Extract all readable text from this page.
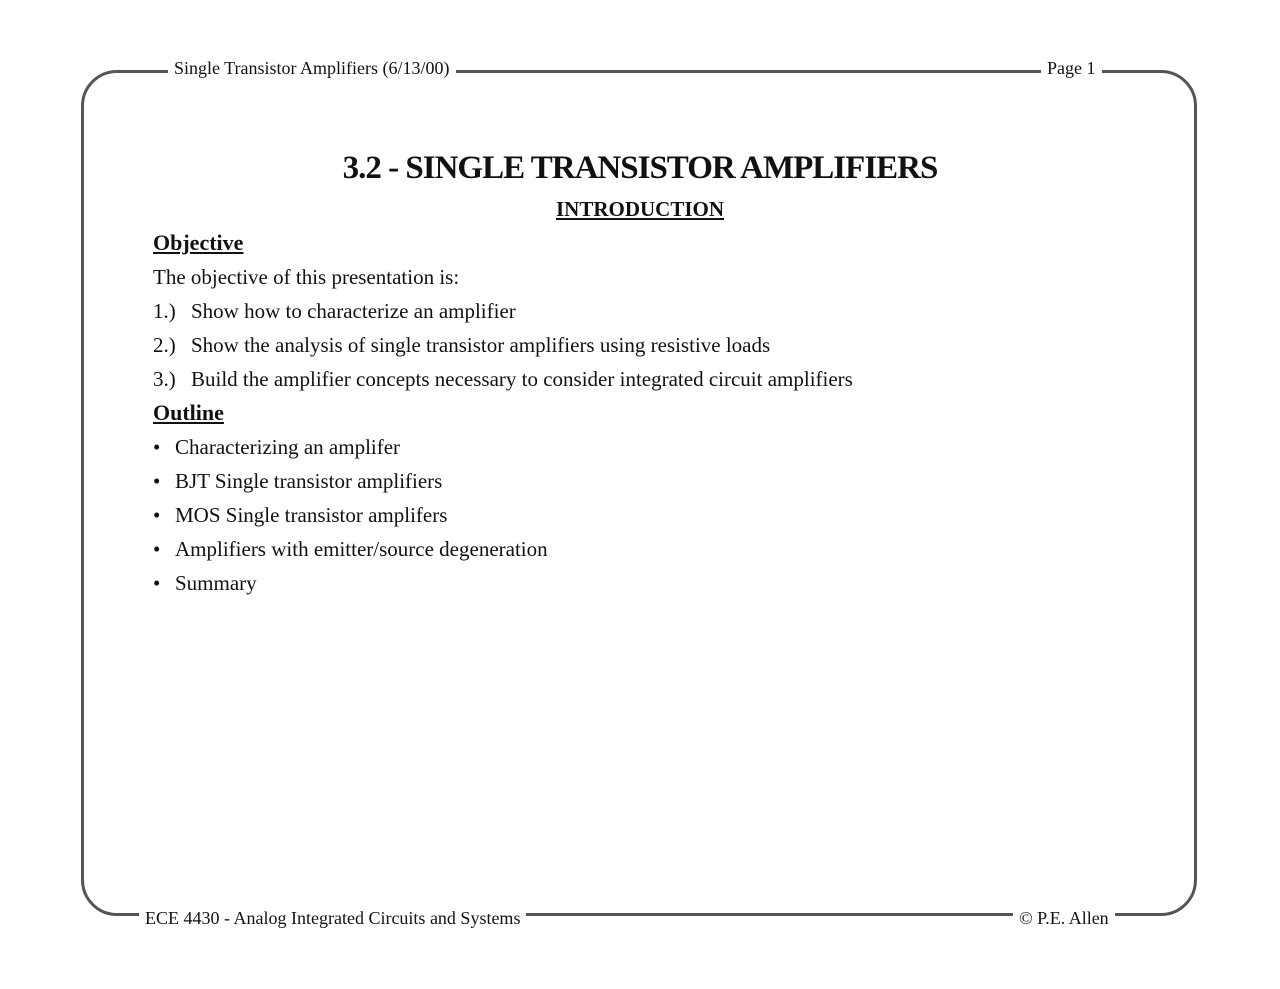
Single Transistor Amplifiers (6/13/00)	Page 1
ECE 4430 - Analog Integrated Circuits and Systems	© P.E. Allen
3.2 - SINGLE TRANSISTOR AMPLIFIERS
INTRODUCTION
Objective
The objective of this presentation is:
1.) Show how to characterize an amplifier
2.) Show the analysis of single transistor amplifiers using resistive loads
3.) Build the amplifier concepts necessary to consider integrated circuit amplifiers
Outline
• Characterizing an amplifer
• BJT Single transistor amplifiers
• MOS Single transistor amplifers
• Amplifiers with emitter/source degeneration
• Summary
